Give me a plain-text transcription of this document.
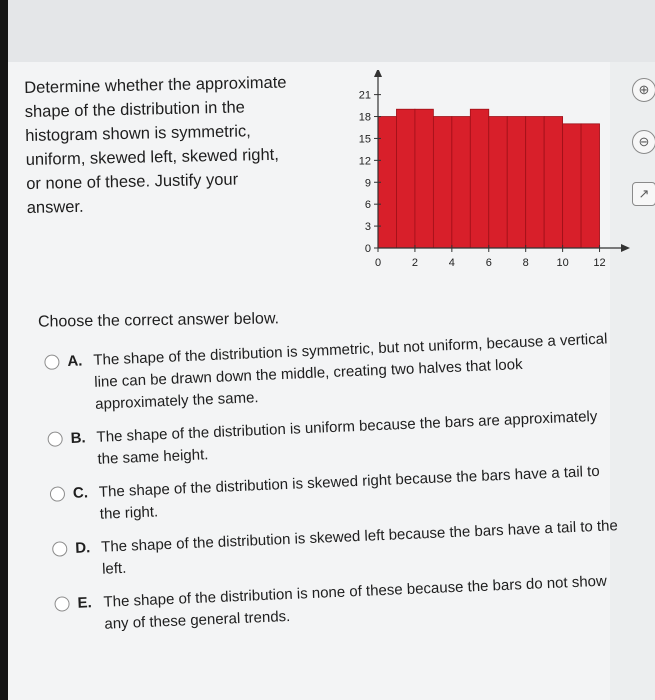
⊕
⊖
↗
Determine whether the approximate
shape of the distribution in the
histogram shown is symmetric,
uniform, skewed left, skewed right,
or none of these. Justify your
answer.
0
3
6
9
12
15
18
21
0	2	4	6	8	10 12
Choose the correct answer below.
A. The shape of the distribution is symmetric, but not uniform, because a vertical line can be drawn down the middle, creating two halves that look approximately the same.
B. The shape of the distribution is uniform because the bars are approximately the same height.
C. The shape of the distribution is skewed right because the bars have a tail to the right.
D. The shape of the distribution is skewed left because the bars have a tail to the left.
E. The shape of the distribution is none of these because the bars do not show any of these general trends.
